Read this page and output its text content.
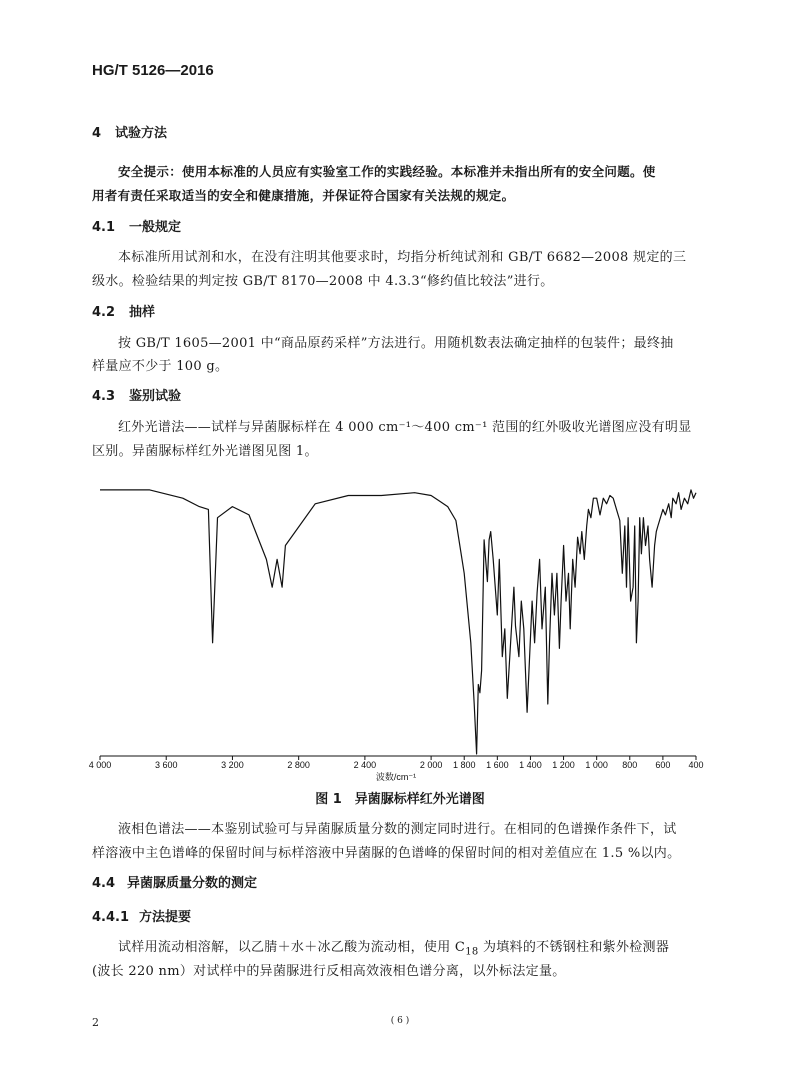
HG/T 5126—2016
4 试验方法
安全提示：使用本标准的人员应有实验室工作的实践经验。本标准并未指出所有的安全问题。使
用者有责任采取适当的安全和健康措施，并保证符合国家有关法规的规定。
4.1 一般规定
本标准所用试剂和水，在没有注明其他要求时，均指分析纯试剂和 GB/T 6682—2008 规定的三
级水。检验结果的判定按 GB/T 8170—2008 中 4.3.3“修约值比较法”进行。
4.2 抽样
按 GB/T 1605—2001 中“商品原药采样”方法进行。用随机数表法确定抽样的包装件；最终抽
样量应不少于 100 g。
4.3 鉴别试验
红外光谱法——试样与异菌脲标样在 4 000 cm⁻¹～400 cm⁻¹ 范围的红外吸收光谱图应没有明显
区别。异菌脲标样红外光谱图见图 1。
4 000	3 600	3 200	2 800	2 400	2 000 1 800 1 600 1 400 1 200 1 000 800 600 400
波数/cm⁻¹
图 1　异菌脲标样红外光谱图
液相色谱法——本鉴别试验可与异菌脲质量分数的测定同时进行。在相同的色谱操作条件下，试
样溶液中主色谱峰的保留时间与标样溶液中异菌脲的色谱峰的保留时间的相对差值应在 1.5 %以内。
4.4 异菌脲质量分数的测定
4.4.1 方法提要
试样用流动相溶解，以乙腈＋水＋冰乙酸为流动相，使用 $C_{18}$ 为填料的不锈钢柱和紫外检测器
(波长 220 nm）对试样中的异菌脲进行反相高效液相色谱分离，以外标法定量。
2	( 6 )
